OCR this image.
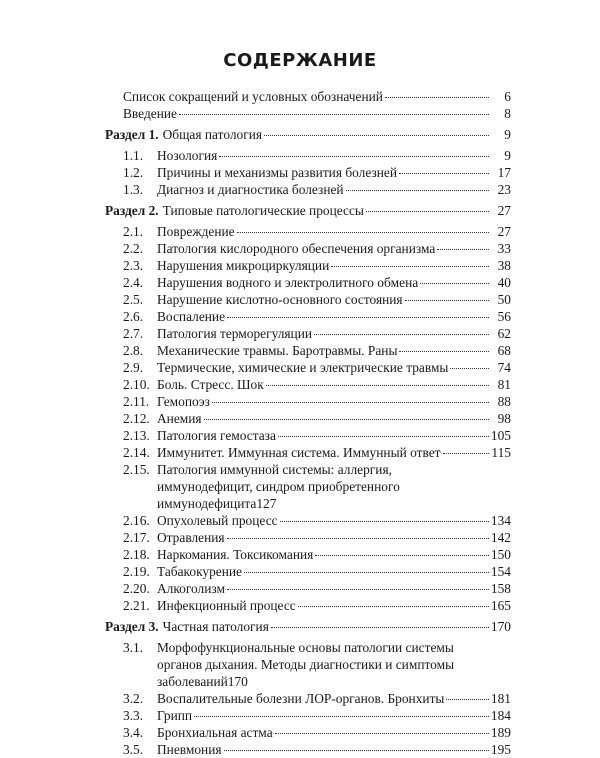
СОДЕРЖАНИЕ
Список сокращений и условных обозначений	6
Введение	8
Раздел 1. Общая патология	9
1.1.	Нозология	9
1.2.	Причины и механизмы развития болезней	17
1.3.	Диагноз и диагностика болезней	23
Раздел 2. Типовые патологические процессы	27
2.1.	Повреждение	27
2.2.	Патология кислородного обеспечения организма	33
2.3.	Нарушения микроциркуляции	38
2.4.	Нарушения водного и электролитного обмена	40
2.5.	Нарушение кислотно-основного состояния	50
2.6.	Воспаление	56
2.7.	Патология терморегуляции	62
2.8.	Механические травмы. Баротравмы. Раны	68
2.9.	Термические, химические и электрические травмы	74
2.10. Боль. Стресс. Шок	81
2.11. Гемопоэз	88
2.12. Анемия	98
2.13. Патология гемостаза	105
2.14. Иммунитет. Иммунная система. Иммунный ответ	115
2.15. Патология иммунной системы: аллергия,
иммунодефицит, синдром приобретенного
иммунодефицита 127
2.16. Опухолевый процесс	134
2.17. Отравления	142
2.18. Наркомания. Токсикомания	150
2.19. Табакокурение	154
2.20. Алкоголизм	158
2.21. Инфекционный процесс	165
Раздел 3. Частная патология	170
3.1.	Морфофункциональные основы патологии системы
органов дыхания. Методы диагностики и симптомы
заболеваний 170
3.2.	Воспалительные болезни ЛОР-органов. Бронхиты	181
3.3.	Грипп	184
3.4.	Бронхиальная астма	189
3.5.	Пневмония	195
